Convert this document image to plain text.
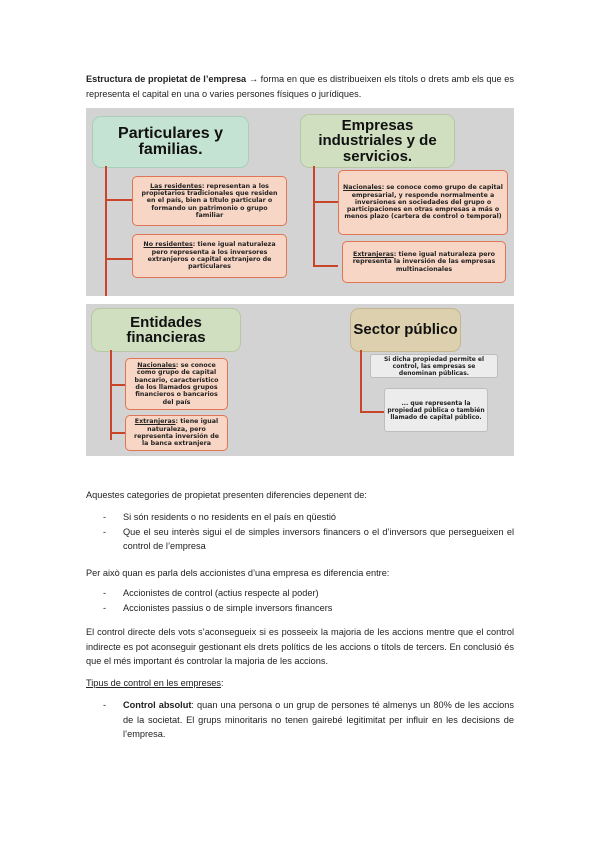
Estructura de propietat de l’empresa → forma en que es distribueixen els títols o drets amb els que es representa el capital en una o varies persones físiques o jurídiques.
Particulares y familias.
Las residentes: representan a los propietarios tradicionales que residen en el país, bien a título particular o formando un patrimonio o grupo familiar
No residentes: tiene igual naturaleza pero representa a los inversores extranjeros o capital extranjero de particulares
Empresas industriales y de servicios.
Nacionales: se conoce como grupo de capital empresarial, y responde normalmente a inversiones en sociedades del grupo o participaciones en otras empresas a más o menos plazo (cartera de control o temporal)
Extranjeras: tiene igual naturaleza pero representa la inversión de las empresas multinacionales
Entidades financieras
Nacionales: se conoce como grupo de capital bancario, característico de los llamados grupos financieros o bancarios del país
Extranjeras: tiene igual naturaleza, pero representa inversión de la banca extranjera
Sector público
Si dicha propiedad permite el control, las empresas se denominan públicas.
... que representa la propiedad pública o también llamado de capital público.
Aquestes categories de propietat presenten diferencies depenent de:
- Si són residents o no residents en el país en qüestió
- Que el seu interès sigui el de simples inversors financers o el d’inversors que persegueixen el control de l’empresa
Per això quan es parla dels accionistes d’una empresa es diferencia entre:
- Accionistes de control (actius respecte al poder)
- Accionistes passius o de simple inversors financers
El control directe dels vots s’aconsegueix si es posseeix la majoria de les accions mentre que el control indirecte es pot aconseguir gestionant els drets polítics de les accions o títols de tercers. En conclusió és que el més important és controlar la majoria de les accions.
Tipus de control en les empreses:
- Control absolut: quan una persona o un grup de persones té almenys un 80% de les accions de la societat. El grups minoritaris no tenen gairebé legitimitat per influir en les decisions de l’empresa.
